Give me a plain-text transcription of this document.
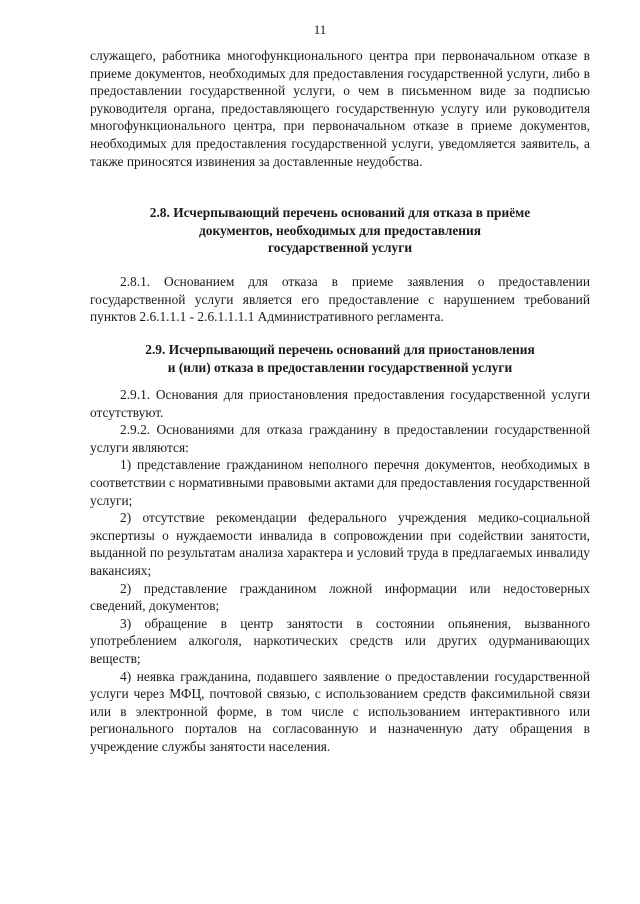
11

служащего, работника многофункционального центра при первоначальном отказе в приеме документов, необходимых для предоставления государственной услуги, либо в предоставлении государственной услуги, о чем в письменном виде за подписью руководителя органа, предоставляющего государственную услугу или руководителя многофункционального центра, при первоначальном отказе в приеме документов, необходимых для предоставления государственной услуги, уведомляется заявитель, а также приносятся извинения за доставленные неудобства.

2.8. Исчерпывающий перечень оснований для отказа в приёме

документов, необходимых для предоставления

государственной услуги

2.8.1. Основанием для отказа в приеме заявления о предоставлении государственной услуги является его предоставление с нарушением требований пунктов 2.6.1.1.1 - 2.6.1.1.1.1 Административного регламента.

2.9. Исчерпывающий перечень оснований для приостановления

и (или) отказа в предоставлении государственной услуги

2.9.1. Основания для приостановления предоставления государственной услуги отсутствуют.

2.9.2. Основаниями для отказа гражданину в предоставлении государственной услуги являются:

1) представление гражданином неполного перечня документов, необходимых в соответствии с нормативными правовыми актами для предоставления государственной услуги;

2) отсутствие рекомендации федерального учреждения медико-социальной экспертизы о нуждаемости инвалида в сопровождении при содействии занятости, выданной по результатам анализа характера и условий труда в предлагаемых инвалиду вакансиях;

2) представление гражданином ложной информации или недостоверных сведений, документов;

3) обращение в центр занятости в состоянии опьянения, вызванного употреблением алкоголя, наркотических средств или других одурманивающих веществ;

4) неявка гражданина, подавшего заявление о предоставлении государственной услуги через МФЦ, почтовой связью, с использованием средств факсимильной связи или в электронной форме, в том числе с использованием интерактивного или регионального порталов на согласованную и назначенную дату обращения в учреждение службы занятости населения.
